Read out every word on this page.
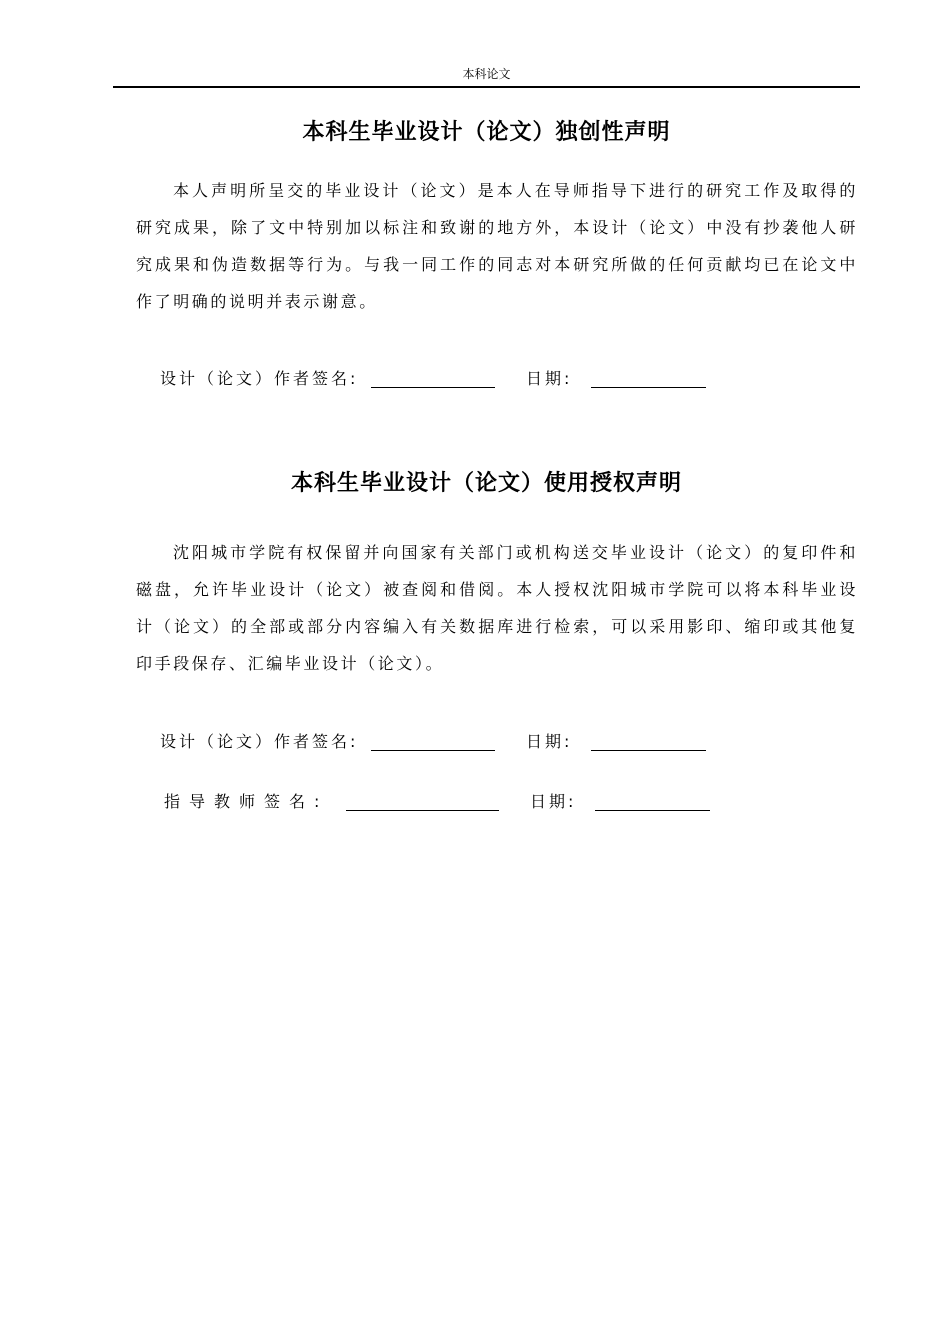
本科论文
本科生毕业设计（论文）独创性声明

本人声明所呈交的毕业设计（论文）是本人在导师指导下进行的研究工作及取得的研究成果，除了文中特别加以标注和致谢的地方外，本设计（论文）中没有抄袭他人研究成果和伪造数据等行为。与我一同工作的同志对本研究所做的任何贡献均已在论文中作了明确的说明并表示谢意。

设计（论文）作者签名:	日期:
本科生毕业设计（论文）使用授权声明

沈阳城市学院有权保留并向国家有关部门或机构送交毕业设计（论文）的复印件和磁盘，允许毕业设计（论文）被查阅和借阅。本人授权沈阳城市学院可以将本科毕业设计（论文）的全部或部分内容编入有关数据库进行检索，可以采用影印、缩印或其他复印手段保存、汇编毕业设计（论文）。

设计（论文）作者签名:	日期:
指导教师签名:	日期:
